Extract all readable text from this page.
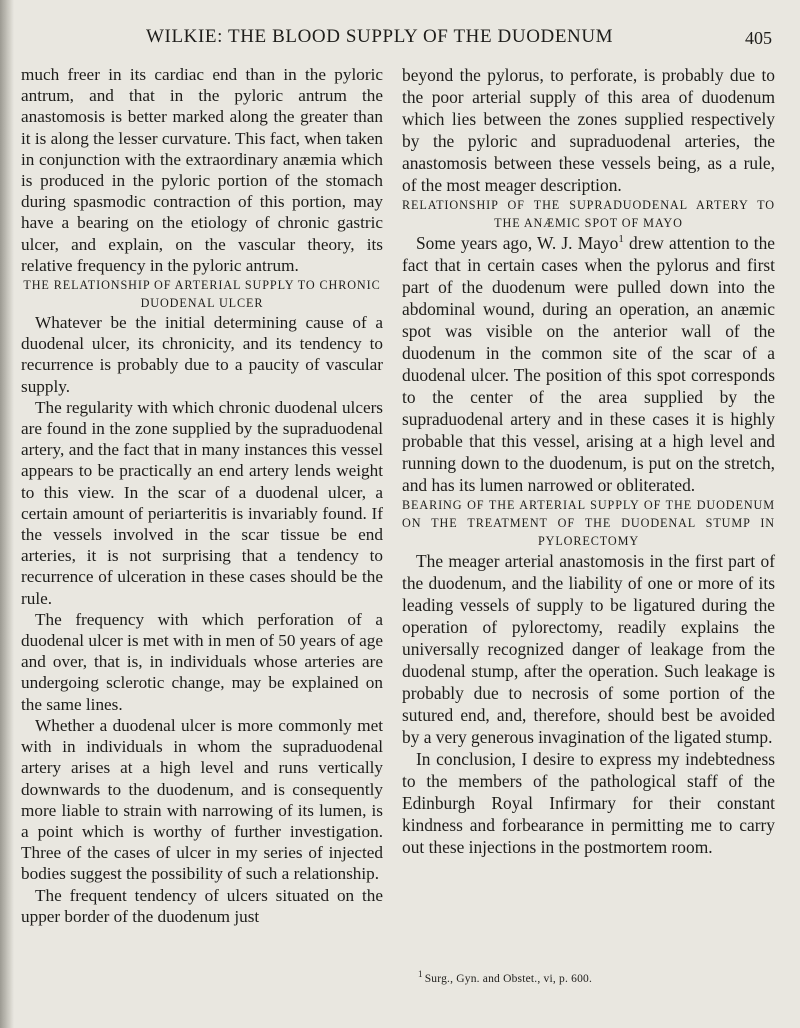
WILKIE: THE BLOOD SUPPLY OF THE DUODENUM	405

much freer in its cardiac end than in the pyloric antrum, and that in the pyloric antrum the anastomosis is better marked along the greater than it is along the lesser curvature. This fact, when taken in conjunction with the extraordinary anæmia which is produced in the pyloric portion of the stomach during spasmodic contraction of this portion, may have a bearing on the etiology of chronic gastric ulcer, and explain, on the vascular theory, its relative frequency in the pyloric antrum.

THE RELATIONSHIP OF ARTERIAL SUPPLY TO CHRONIC DUODENAL ULCER

Whatever be the initial determining cause of a duodenal ulcer, its chronicity, and its tendency to recurrence is probably due to a paucity of vascular supply.

The regularity with which chronic duodenal ulcers are found in the zone supplied by the supraduodenal artery, and the fact that in many instances this vessel appears to be practically an end artery lends weight to this view. In the scar of a duodenal ulcer, a certain amount of periarteritis is invariably found. If the vessels involved in the scar tissue be end arteries, it is not surprising that a tendency to recurrence of ulceration in these cases should be the rule.

The frequency with which perforation of a duodenal ulcer is met with in men of 50 years of age and over, that is, in individuals whose arteries are undergoing sclerotic change, may be explained on the same lines.

Whether a duodenal ulcer is more commonly met with in individuals in whom the supraduodenal artery arises at a high level and runs vertically downwards to the duodenum, and is consequently more liable to strain with narrowing of its lumen, is a point which is worthy of further investigation. Three of the cases of ulcer in my series of injected bodies suggest the possibility of such a relationship.

The frequent tendency of ulcers situated on the upper border of the duodenum just

beyond the pylorus, to perforate, is probably due to the poor arterial supply of this area of duodenum which lies between the zones supplied respectively by the pyloric and supraduodenal arteries, the anastomosis between these vessels being, as a rule, of the most meager description.

RELATIONSHIP OF THE SUPRADUODENAL ARTERY TO THE ANÆMIC SPOT OF MAYO

Some years ago, W. J. Mayo$^1$ drew attention to the fact that in certain cases when the pylorus and first part of the duodenum were pulled down into the abdominal wound, during an operation, an anæmic spot was visible on the anterior wall of the duodenum in the common site of the scar of a duodenal ulcer. The position of this spot corresponds to the center of the area supplied by the supraduodenal artery and in these cases it is highly probable that this vessel, arising at a high level and running down to the duodenum, is put on the stretch, and has its lumen narrowed or obliterated.

BEARING OF THE ARTERIAL SUPPLY OF THE DUODENUM ON THE TREATMENT OF THE DUODENAL STUMP IN PYLORECTOMY

The meager arterial anastomosis in the first part of the duodenum, and the liability of one or more of its leading vessels of supply to be ligatured during the operation of pylorectomy, readily explains the universally recognized danger of leakage from the duodenal stump, after the operation. Such leakage is probably due to necrosis of some portion of the sutured end, and, therefore, should best be avoided by a very generous invagination of the ligated stump.

In conclusion, I desire to express my indebtedness to the members of the pathological staff of the Edinburgh Royal Infirmary for their constant kindness and forbearance in permitting me to carry out these injections in the postmortem room.

$^1$ Surg., Gyn. and Obstet., vi, p. 600.
